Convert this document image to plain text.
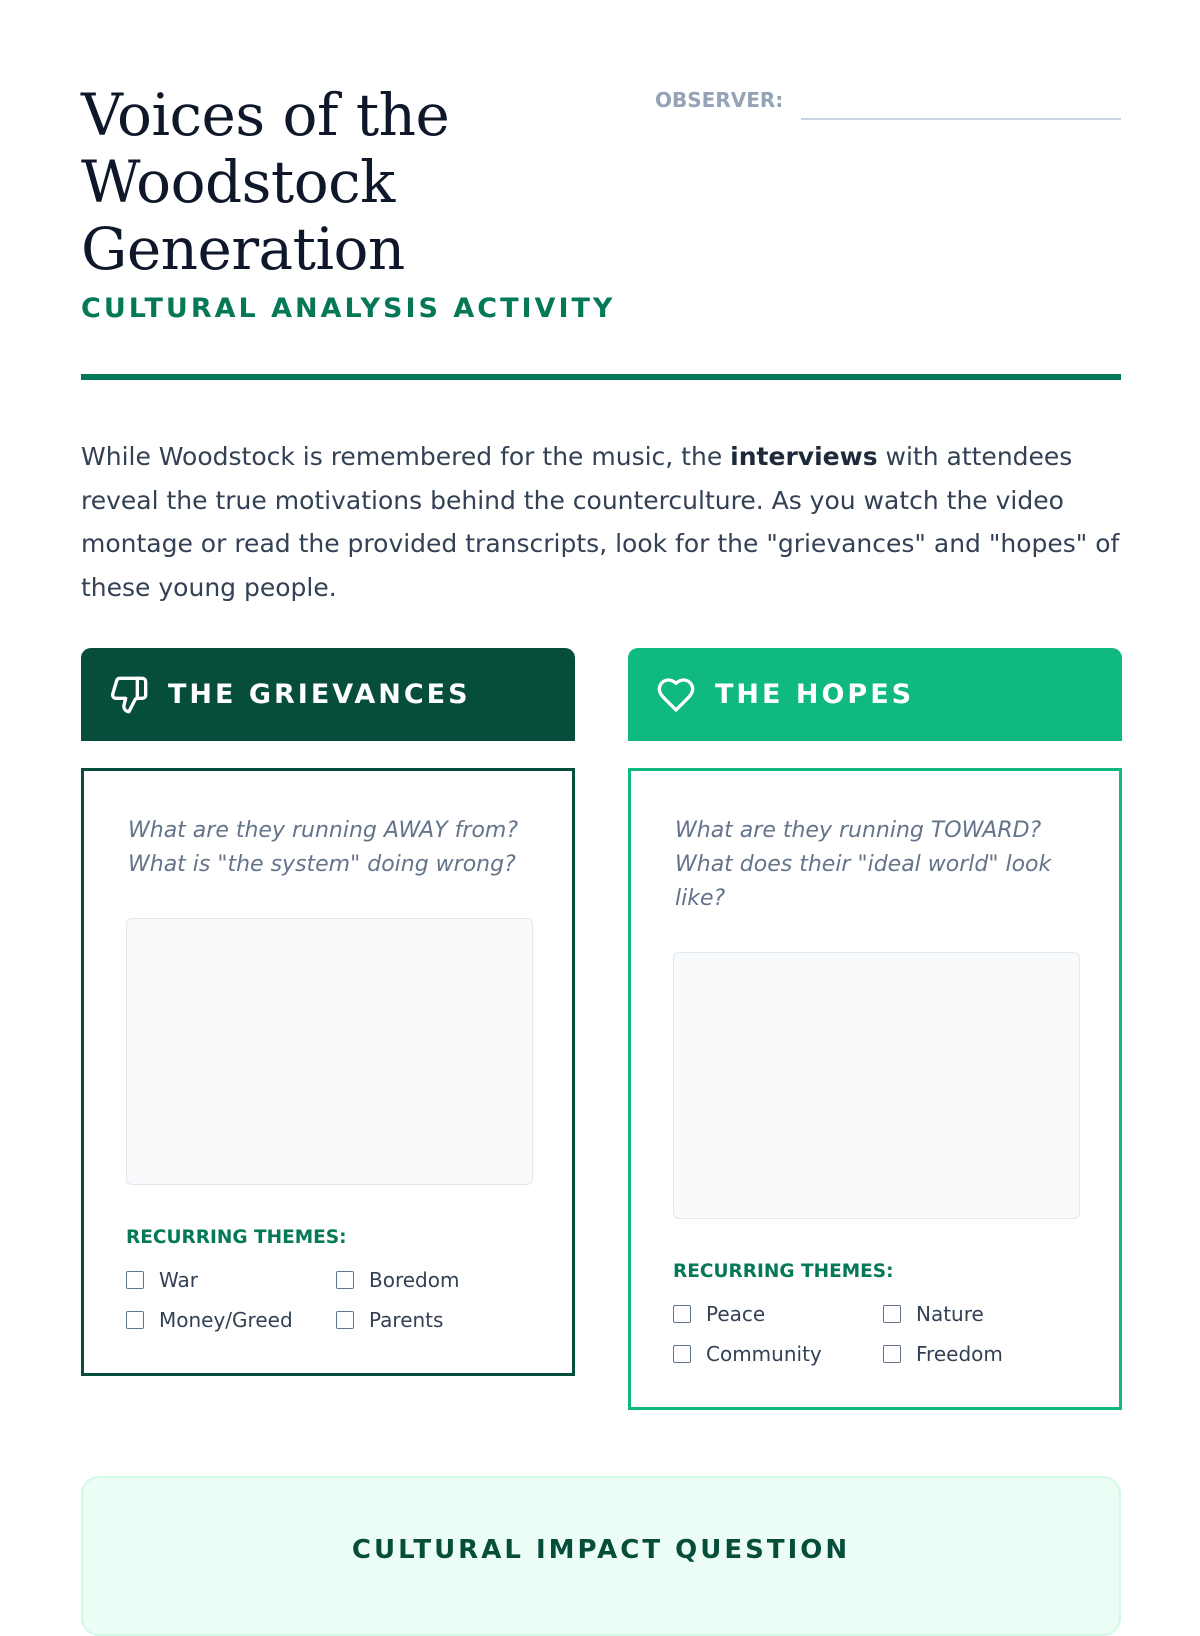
Voices of the Woodstock Generation
CULTURAL ANALYSIS ACTIVITY
OBSERVER:

While Woodstock is remembered for the music, the interviews with attendees reveal the true motivations behind the counterculture. As you watch the video montage or read the provided transcripts, look for the "grievances" and "hopes" of these young people.

THE GRIEVANCES

What are they running AWAY from? What is "the system" doing wrong?

RECURRING THEMES:
War	Boredom
Money/Greed	Parents
THE HOPES

What are they running TOWARD? What does their "ideal world" look like?

RECURRING THEMES:
Peace	Nature
Community	Freedom
CULTURAL IMPACT QUESTION
